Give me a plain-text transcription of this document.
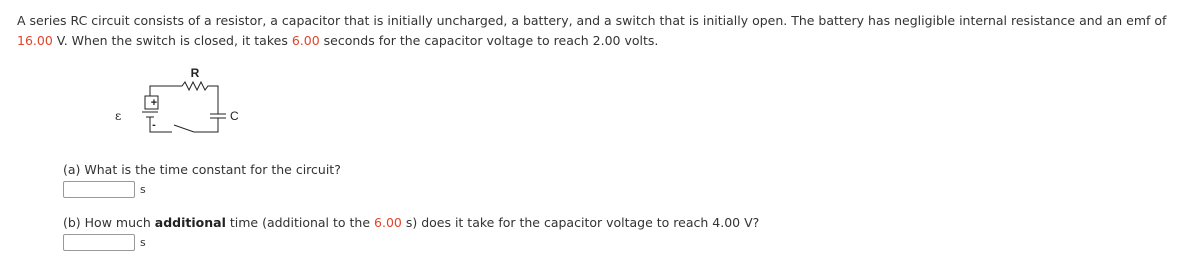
A series RC circuit consists of a resistor, a capacitor that is initially uncharged, a battery, and a switch that is initially open. The battery has negligible internal resistance and an emf of 16.00 V. When the switch is closed, it takes 6.00 seconds for the capacitor voltage to reach 2.00 volts.
R
C
+
-
ε
(a) What is the time constant for the circuit?
s
(b) How much additional time (additional to the 6.00 s) does it take for the capacitor voltage to reach 4.00 V?
s
